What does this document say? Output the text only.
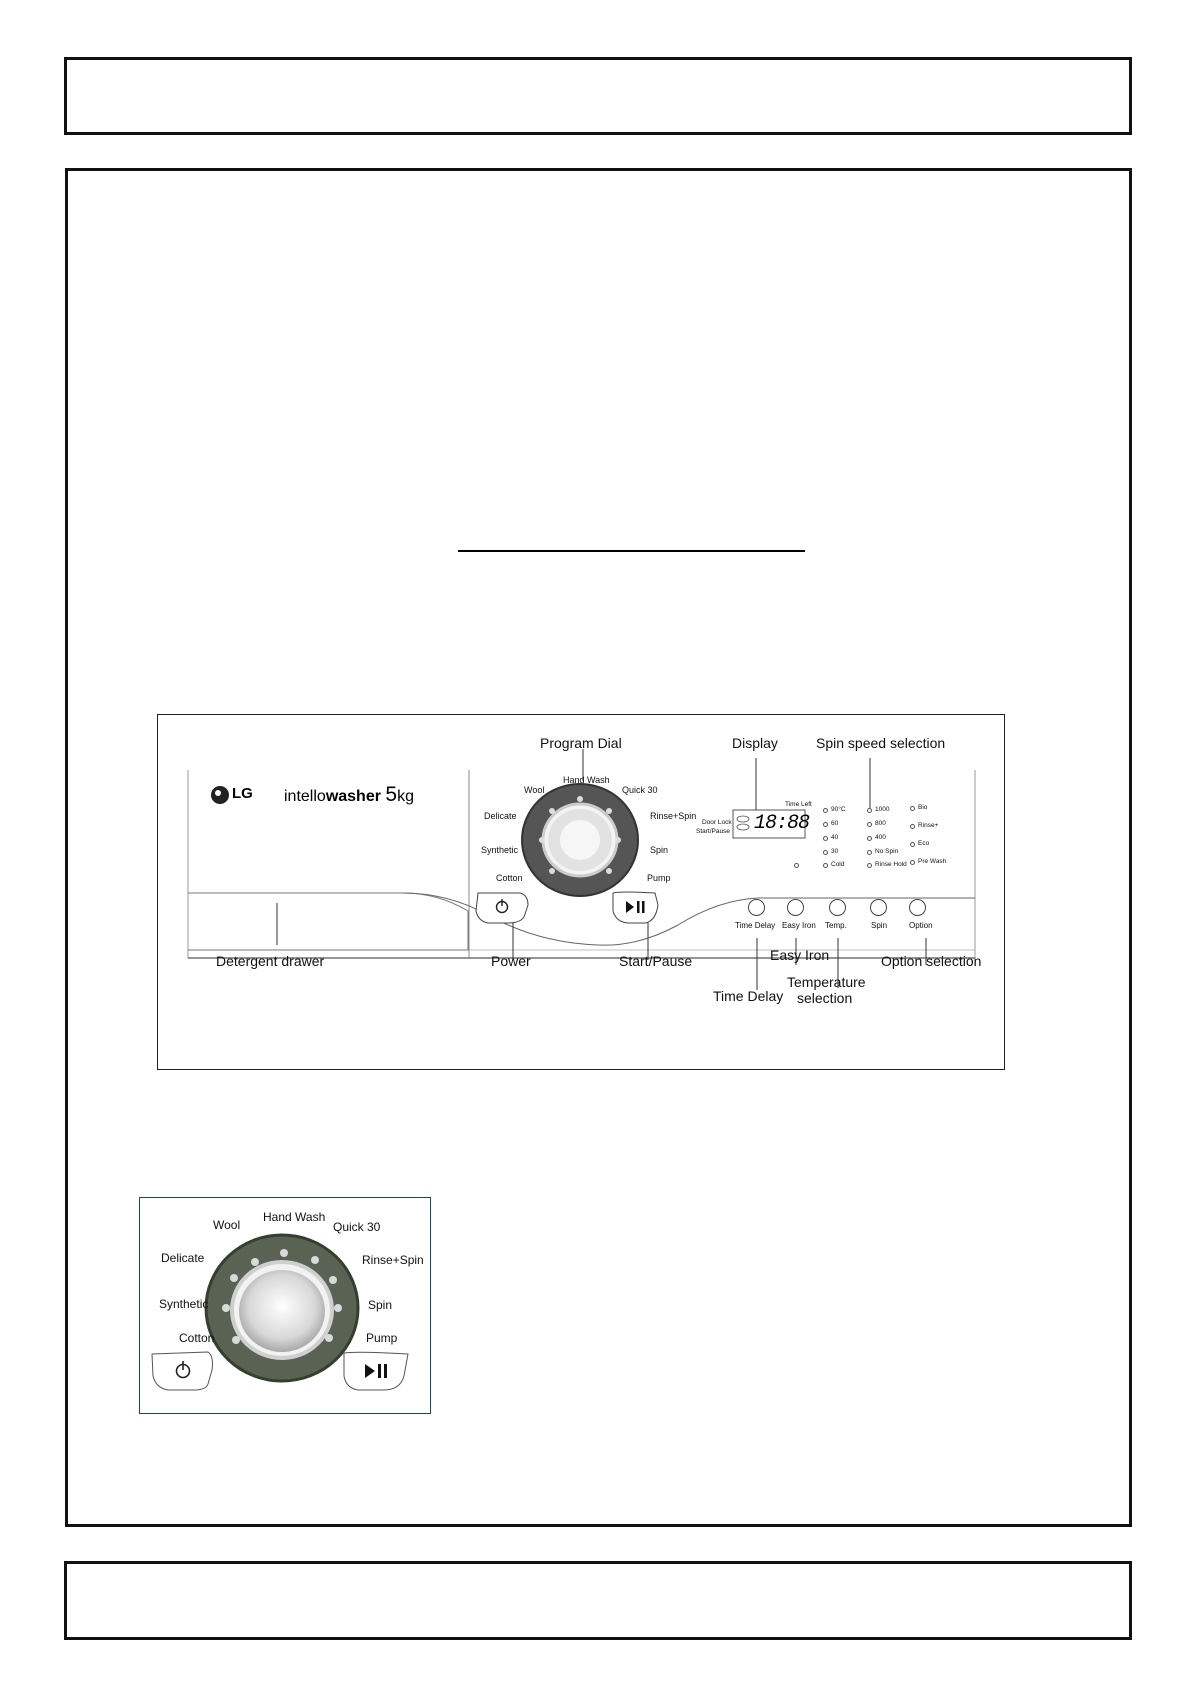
LG intellowasher 5kg	Wool
Hand Wash
Quick 30
Delicate	Rinse+Spin
Synthetic	Spin
Cotton	Pump
Door Lock
Start/Pause
Time Left
18:88
90°C
60
40
30
Cold
1000
800
400
No Spin
Rinse Hold
Bio
Rinse+
Eco
Pre Wash
Time Delay Easy Iron Temp.	Spin	Option
Program Dial	Display	Spin speed selection
Detergent drawer	Power	Start/Pause	Easy Iron	Option selection
Time Delay
Temperature
selection
Wool
Hand Wash
Quick 30
Delicate	Rinse+Spin
Synthetic	Spin
Cotton	Pump
